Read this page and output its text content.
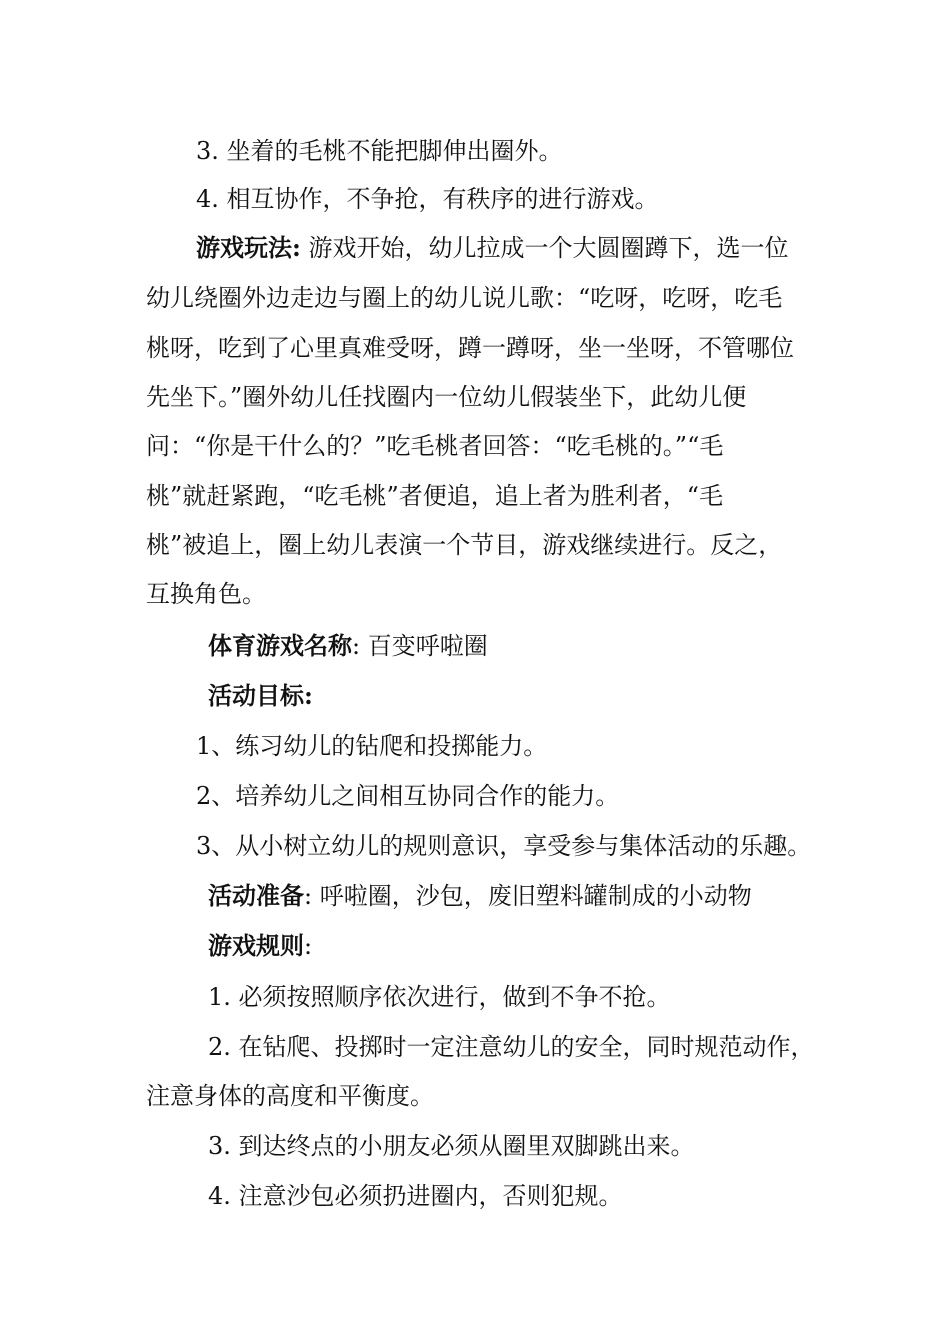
3. 坐着的毛桃不能把脚伸出圈外。
4. 相互协作，不争抢，有秩序的进行游戏。
游戏玩法: 游戏开始，幼儿拉成一个大圆圈蹲下，选一位
幼儿绕圈外边走边与圈上的幼儿说儿歌：“吃呀，吃呀，吃毛
桃呀，吃到了心里真难受呀，蹲一蹲呀，坐一坐呀，不管哪位
先坐下。”圈外幼儿任找圈内一位幼儿假装坐下，此幼儿便
问：“你是干什么的？”吃毛桃者回答：“吃毛桃的。”“毛
桃”就赶紧跑，“吃毛桃”者便追，追上者为胜利者，“毛
桃”被追上，圈上幼儿表演一个节目，游戏继续进行。反之，
互换角色。
体育游戏名称: 百变呼啦圈
活动目标:
1、练习幼儿的钻爬和投掷能力。
2、培养幼儿之间相互协同合作的能力。
3、从小树立幼儿的规则意识，享受参与集体活动的乐趣。
活动准备: 呼啦圈，沙包，废旧塑料罐制成的小动物
游戏规则:
1. 必须按照顺序依次进行，做到不争不抢。
2. 在钻爬、投掷时一定注意幼儿的安全，同时规范动作，
注意身体的高度和平衡度。
3. 到达终点的小朋友必须从圈里双脚跳出来。
4. 注意沙包必须扔进圈内，否则犯规。
